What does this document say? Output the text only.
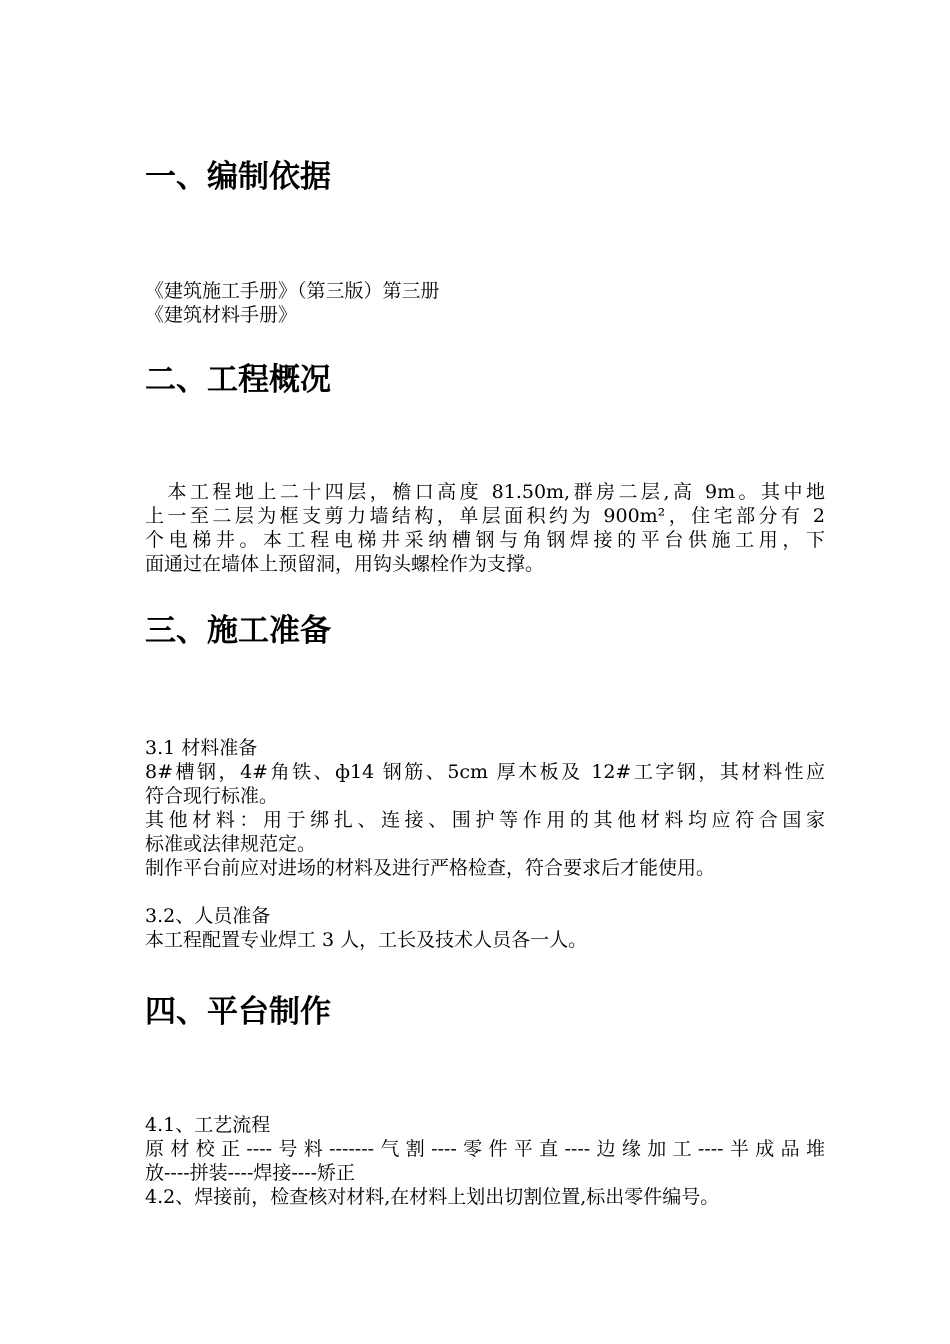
一、编制依据
《建筑施工手册》（第三版）第三册
《建筑材料手册》
二、工程概况
　本工程地上二十四层，檐口高度 81.50m,群房二层,高 9m。其中地
上一至二层为框支剪力墙结构，单层面积约为 900m²，住宅部分有 2
个电梯井。本工程电梯井采纳槽钢与角钢焊接的平台供施工用，下
面通过在墙体上预留洞，用钩头螺栓作为支撑。
三、施工准备
3.1 材料准备
8#槽钢，4#角铁、ф14 钢筋、5cm 厚木板及 12#工字钢，其材料性应
符合现行标准。
其他材料：用于绑扎、连接、围护等作用的其他材料均应符合国家
标准或法律规范定。
制作平台前应对进场的材料及进行严格检查，符合要求后才能使用。
3.2、人员准备
本工程配置专业焊工 3 人，工长及技术人员各一人。
四、平台制作
4.1、工艺流程
原材校正----号料-------气割----零件平直----边缘加工----半成品堆
放----拼装----焊接----矫正
4.2、焊接前，检查核对材料,在材料上划出切割位置,标出零件编号。
